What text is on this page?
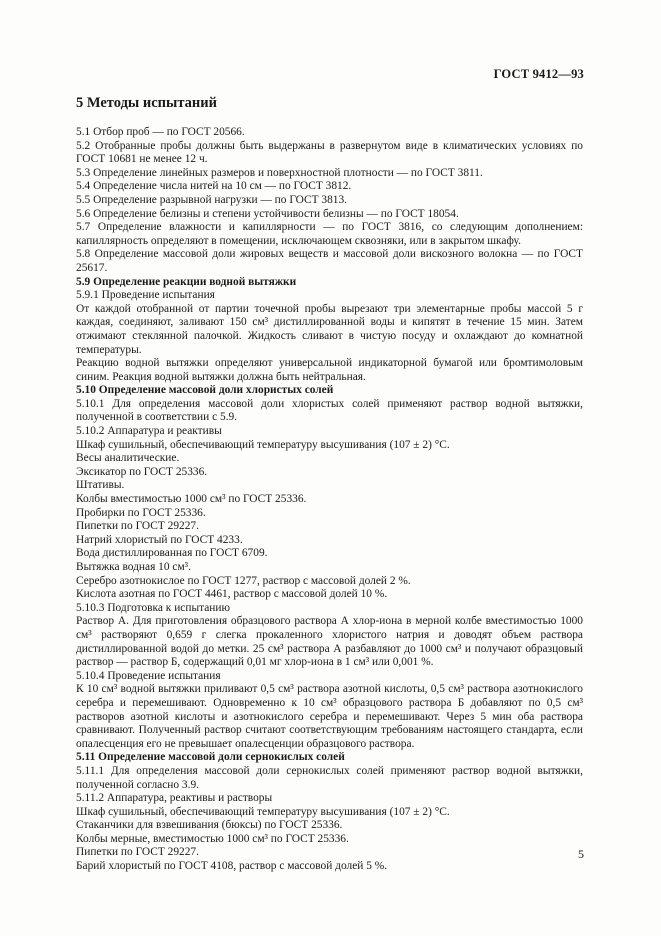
ГОСТ 9412—93
5 Методы испытаний

5.1 Отбор проб — по ГОСТ 20566.

5.2 Отобранные пробы должны быть выдержаны в развернутом виде в климатических условиях по ГОСТ 10681 не менее 12 ч.

5.3 Определение линейных размеров и поверхностной плотности — по ГОСТ 3811.

5.4 Определение числа нитей на 10 см — по ГОСТ 3812.

5.5 Определение разрывной нагрузки — по ГОСТ 3813.

5.6 Определение белизны и степени устойчивости белизны — по ГОСТ 18054.

5.7 Определение влажности и капиллярности — по ГОСТ 3816, со следующим дополнением: капиллярность определяют в помещении, исключающем сквозняки, или в закрытом шкафу.

5.8 Определение массовой доли жировых веществ и массовой доли вискозного волокна — по ГОСТ 25617.

5.9 Определение реакции водной вытяжки

5.9.1 Проведение испытания

От каждой отобранной от партии точечной пробы вырезают три элементарные пробы массой 5 г каждая, соединяют, заливают 150 см³ дистиллированной воды и кипятят в течение 15 мин. Затем отжимают стеклянной палочкой. Жидкость сливают в чистую посуду и охлаждают до комнатной температуры.

Реакцию водной вытяжки определяют универсальной индикаторной бумагой или бромтимоловым синим. Реакция водной вытяжки должна быть нейтральная.

5.10 Определение массовой доли хлористых солей

5.10.1 Для определения массовой доли хлористых солей применяют раствор водной вытяжки, полученной в соответствии с 5.9.

5.10.2 Аппаратура и реактивы

Шкаф сушильный, обеспечивающий температуру высушивания (107 ± 2) °С.

Весы аналитические.

Эксикатор по ГОСТ 25336.

Штативы.

Колбы вместимостью 1000 см³ по ГОСТ 25336.

Пробирки по ГОСТ 25336.

Пипетки по ГОСТ 29227.

Натрий хлористый по ГОСТ 4233.

Вода дистиллированная по ГОСТ 6709.

Вытяжка водная 10 см³.

Серебро азотнокислое по ГОСТ 1277, раствор с массовой долей 2 %.

Кислота азотная по ГОСТ 4461, раствор с массовой долей 10 %.

5.10.3 Подготовка к испытанию

Раствор А. Для приготовления образцового раствора А хлор-иона в мерной колбе вместимостью 1000 см³ растворяют 0,659 г слегка прокаленного хлористого натрия и доводят объем раствора дистиллированной водой до метки. 25 см³ раствора А разбавляют до 1000 см³ и получают образцовый раствор — раствор Б, содержащий 0,01 мг хлор-иона в 1 см³ или 0,001 %.

5.10.4 Проведение испытания

К 10 см³ водной вытяжки приливают 0,5 см³ раствора азотной кислоты, 0,5 см³ раствора азотнокислого серебра и перемешивают. Одновременно к 10 см³ образцового раствора Б добавляют по 0,5 см³ растворов азотной кислоты и азотнокислого серебра и перемешивают. Через 5 мин оба раствора сравнивают. Полученный раствор считают соответствующим требованиям настоящего стандарта, если опалесценция его не превышает опалесценции образцового раствора.

5.11 Определение массовой доли сернокислых солей

5.11.1 Для определения массовой доли сернокислых солей применяют раствор водной вытяжки, полученной согласно 3.9.

5.11.2 Аппаратура, реактивы и растворы

Шкаф сушильный, обеспечивающий температуру высушивания (107 ± 2) °С.

Стаканчики для взвешивания (бюксы) по ГОСТ 25336.

Колбы мерные, вместимостью 1000 см³ по ГОСТ 25336.

Пипетки по ГОСТ 29227.

Барий хлористый по ГОСТ 4108, раствор с массовой долей 5 %.

5
